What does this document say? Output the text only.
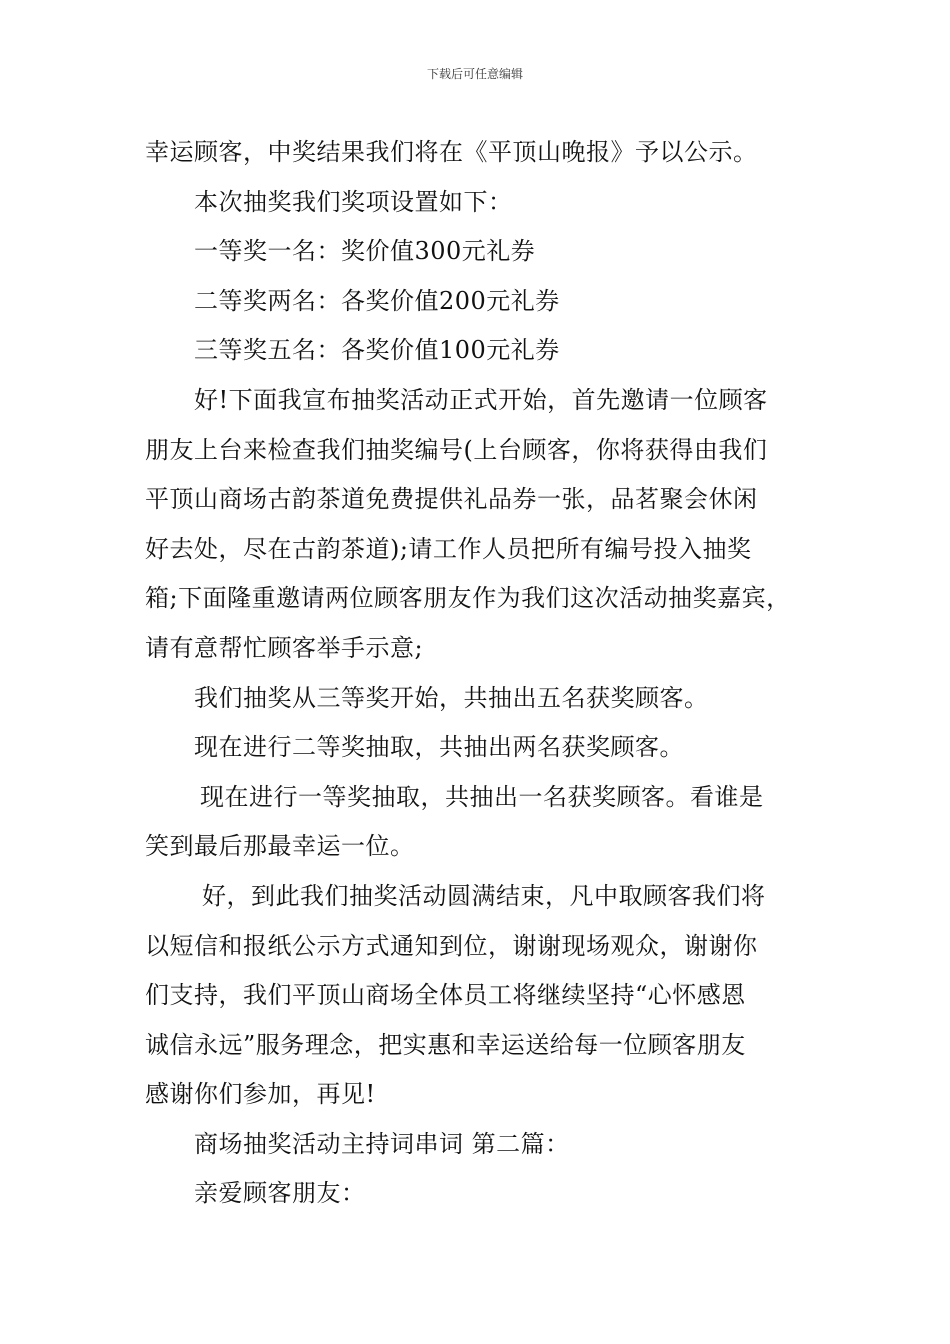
下载后可任意编辑
幸运顾客，中奖结果我们将在《平顶山晚报》予以公示。
本次抽奖我们奖项设置如下：
一等奖一名：奖价值300元礼券
二等奖两名：各奖价值200元礼券
三等奖五名：各奖价值100元礼券
好!下面我宣布抽奖活动正式开始，首先邀请一位顾客
朋友上台来检查我们抽奖编号(上台顾客，你将获得由我们
平顶山商场古韵茶道免费提供礼品券一张，品茗聚会休闲
好去处，尽在古韵茶道);请工作人员把所有编号投入抽奖
箱;下面隆重邀请两位顾客朋友作为我们这次活动抽奖嘉宾，
请有意帮忙顾客举手示意;
我们抽奖从三等奖开始，共抽出五名获奖顾客。
现在进行二等奖抽取，共抽出两名获奖顾客。
现在进行一等奖抽取，共抽出一名获奖顾客。看谁是
笑到最后那最幸运一位。
好，到此我们抽奖活动圆满结束，凡中取顾客我们将
以短信和报纸公示方式通知到位，谢谢现场观众，谢谢你
们支持，我们平顶山商场全体员工将继续坚持“心怀感恩
诚信永远”服务理念，把实惠和幸运送给每一位顾客朋友
感谢你们参加，再见!
商场抽奖活动主持词串词 第二篇：
亲爱顾客朋友：
